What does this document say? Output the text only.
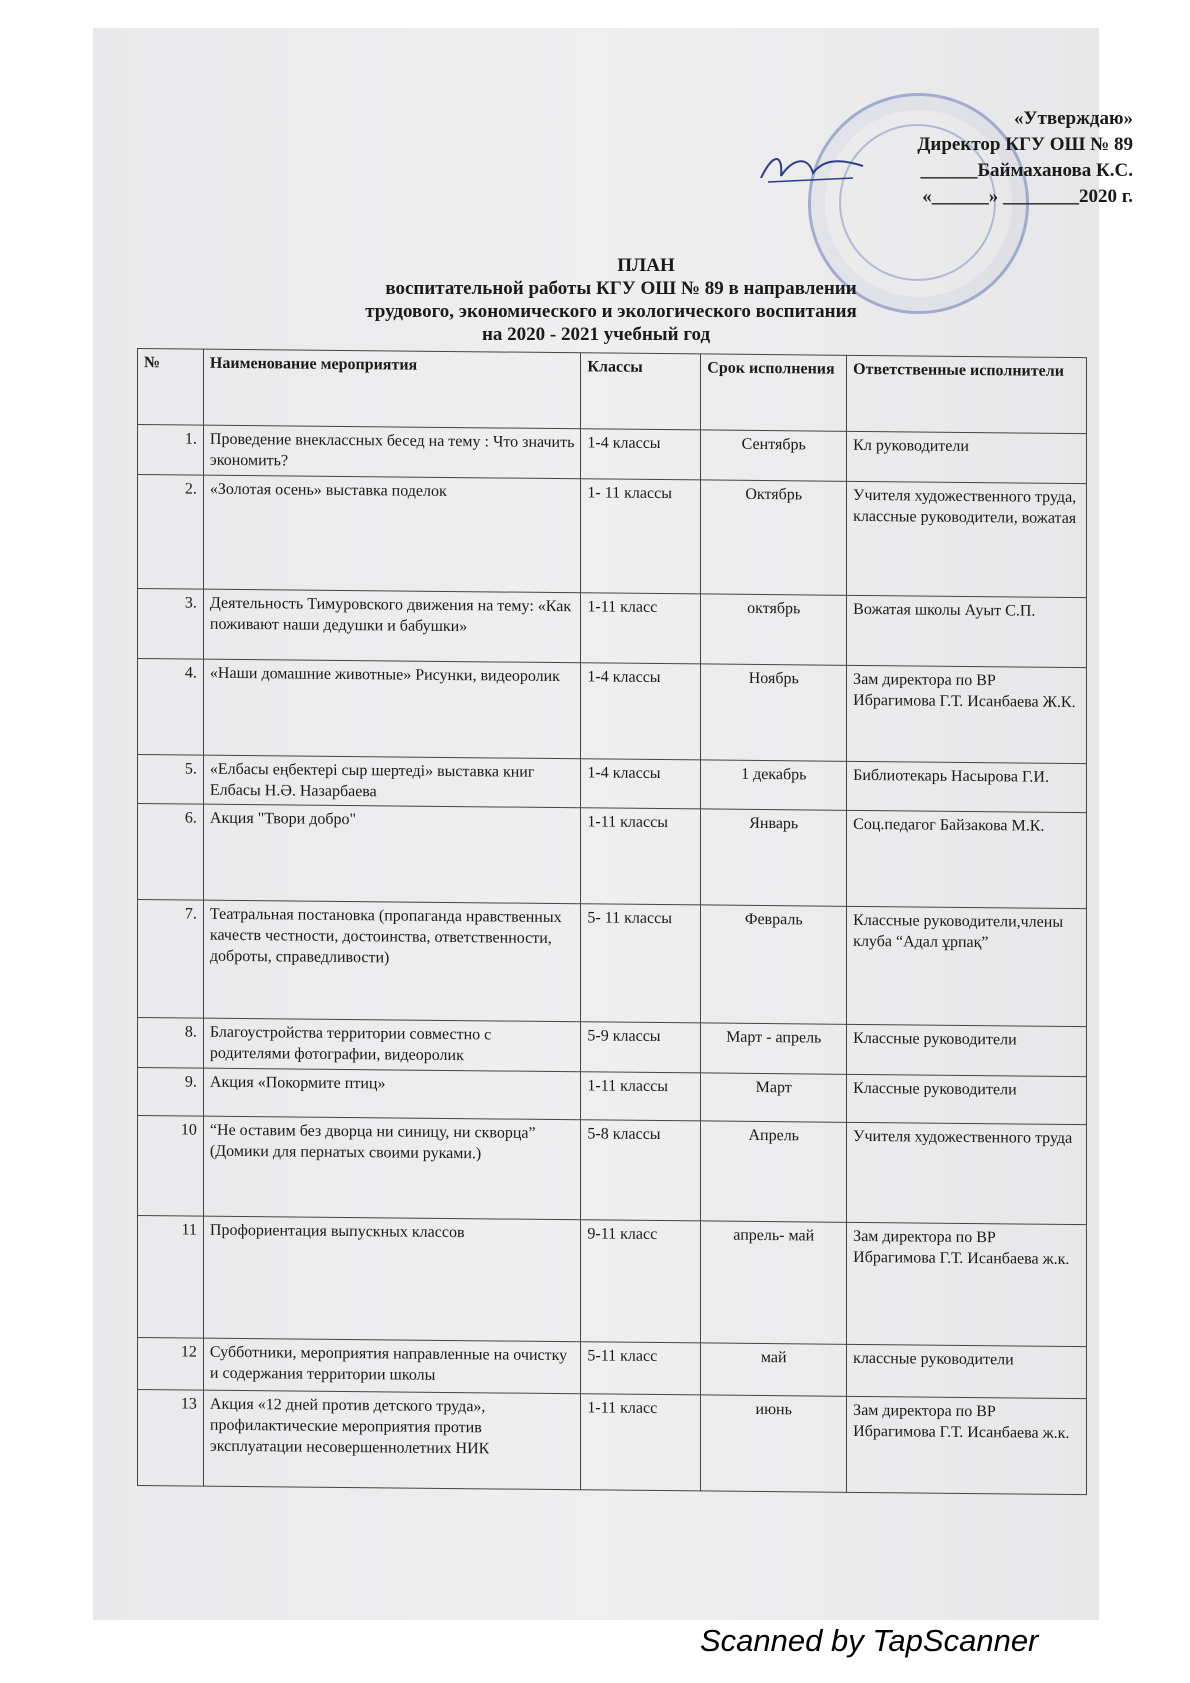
«Утверждаю»
Директор КГУ ОШ № 89
______Баймаханова К.С.
«______» ________2020 г.
ПЛАН
воспитательной работы КГУ ОШ № 89 в направлении
трудового, экономического и экологического воспитания
на 2020 - 2021 учебный год
№	Наименование мероприятия	Классы	Срок исполнения	Ответственные исполнители
1.	Проведение внеклассных бесед на тему : Что значить экономить?	1-4 классы	Сентябрь	Кл руководители
2.	«Золотая осень» выставка поделок	1- 11 классы	Октябрь	Учителя художественного труда, классные руководители, вожатая
3.	Деятельность Тимуровского движения на тему: «Как поживают наши дедушки и бабушки»	1-11 класс	октябрь	Вожатая школы Ауыт С.П.
4.	«Наши домашние животные» Рисунки, видеоролик	1-4 классы	Ноябрь	Зам директора по ВР Ибрагимова Г.Т. Исанбаева Ж.К.
5.	«Елбасы еңбектері сыр шертеді» выставка книг Елбасы Н.Ә. Назарбаева	1-4 классы	1 декабрь	Библиотекарь Насырова Г.И.
6.	Акция "Твори добро"	1-11 классы	Январь	Соц.педагог Байзакова М.К.
7.	Театральная постановка (пропаганда нравственных качеств честности, достоинства, ответственности, доброты, справедливости)	5- 11 классы	Февраль	Классные руководители,члены клуба “Адал ұрпақ”
8.	Благоустройства территории совместно с родителями фотографии, видеоролик	5-9 классы	Март - апрель	Классные руководители
9.	Акция «Покормите птиц»	1-11 классы	Март	Классные руководители
10	“Не оставим без дворца ни синицу, ни скворца” (Домики для пернатых своими руками.)	5-8 классы	Апрель	Учителя художественного труда
11	Профориентация выпускных классов	9-11 класс	апрель- май	Зам директора по ВР Ибрагимова Г.Т. Исанбаева ж.к.
12	Субботники, мероприятия направленные на очистку и содержания территории школы	5-11 класс	май	классные руководители
13	Акция «12 дней против детского труда», профилактические мероприятия против эксплуатации несовершеннолетних НИК	1-11 класс	июнь	Зам директора по ВР Ибрагимова Г.Т. Исанбаева ж.к.
Scanned by TapScanner
